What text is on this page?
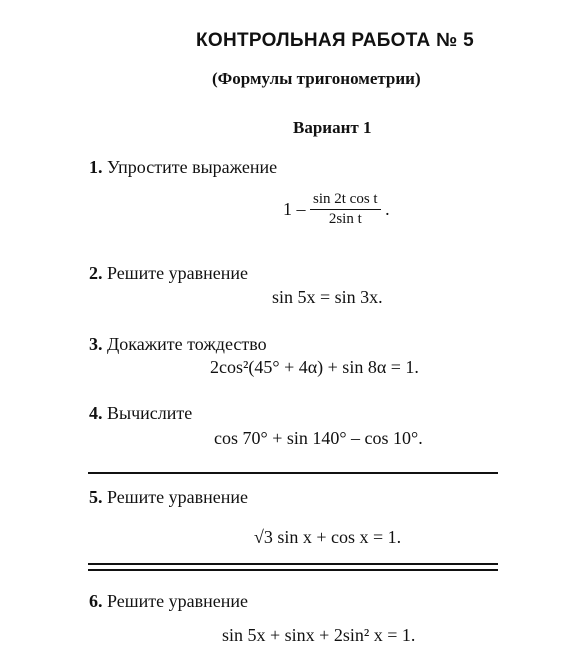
КОНТРОЛЬНАЯ РАБОТА № 5
(Формулы тригонометрии)
Вариант 1
1. Упростите выражение
$1 - \frac{\text{sin 2t cos t}}{\text{2sin t}}$ .
2. Решите уравнение
sin 5x = sin 3x.
3. Докажите тождество
2cos²(45° + 4α) + sin 8α = 1.
4. Вычислите
cos 70° + sin 140° – cos 10°.
5. Решите уравнение
√3 sin x + cos x = 1.
6. Решите уравнение
sin 5x + sinx + 2sin² x = 1.
